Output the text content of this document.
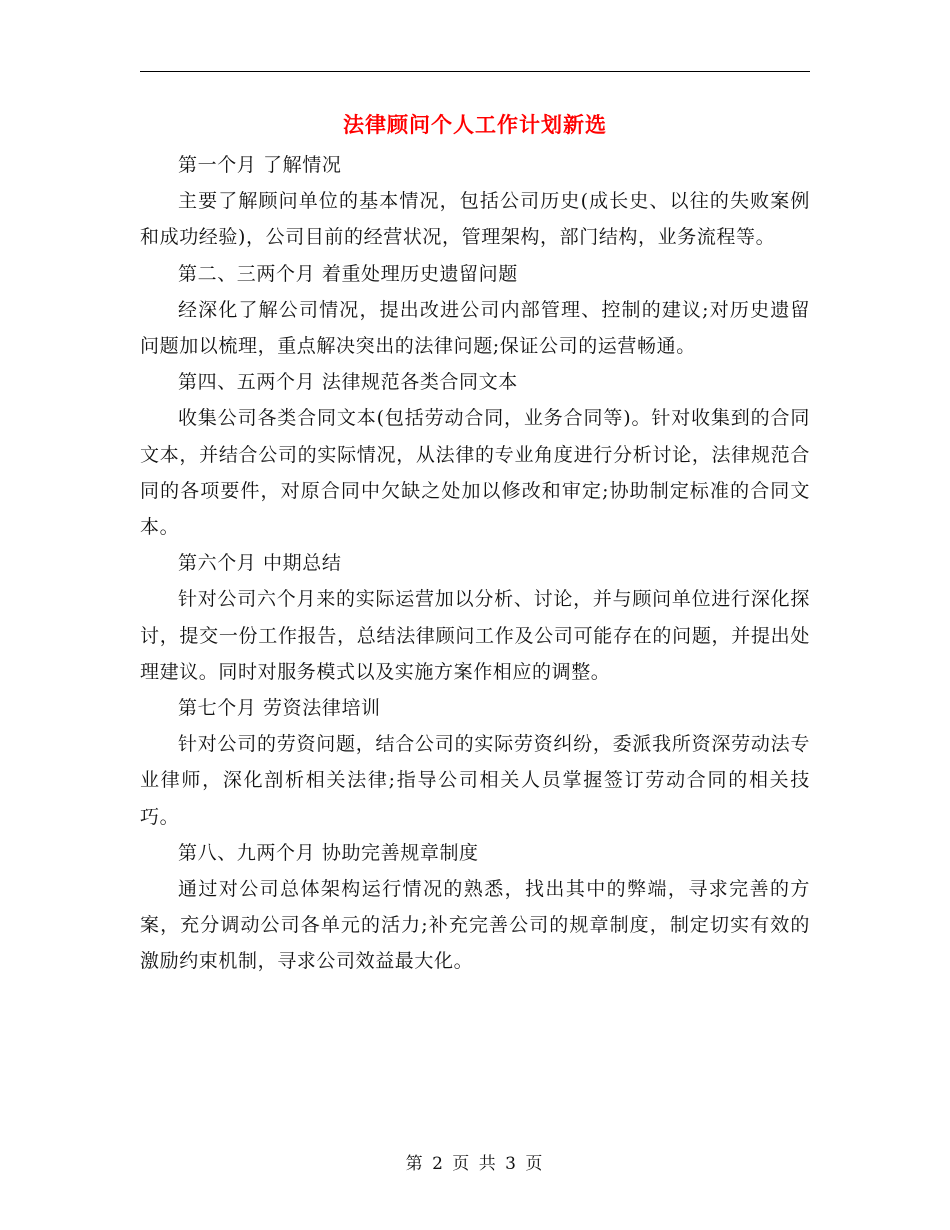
法律顾问个人工作计划新选

第一个月 了解情况

主要了解顾问单位的基本情况，包括公司历史(成长史、以往的失败案例和成功经验)，公司目前的经营状况，管理架构，部门结构，业务流程等。

第二、三两个月 着重处理历史遗留问题

经深化了解公司情况，提出改进公司内部管理、控制的建议;对历史遗留问题加以梳理，重点解决突出的法律问题;保证公司的运营畅通。

第四、五两个月 法律规范各类合同文本

收集公司各类合同文本(包括劳动合同，业务合同等)。针对收集到的合同文本，并结合公司的实际情况，从法律的专业角度进行分析讨论，法律规范合同的各项要件，对原合同中欠缺之处加以修改和审定;协助制定标准的合同文本。

第六个月 中期总结

针对公司六个月来的实际运营加以分析、讨论，并与顾问单位进行深化探讨，提交一份工作报告，总结法律顾问工作及公司可能存在的问题，并提出处理建议。同时对服务模式以及实施方案作相应的调整。

第七个月 劳资法律培训

针对公司的劳资问题，结合公司的实际劳资纠纷，委派我所资深劳动法专业律师，深化剖析相关法律;指导公司相关人员掌握签订劳动合同的相关技巧。

第八、九两个月 协助完善规章制度

通过对公司总体架构运行情况的熟悉，找出其中的弊端，寻求完善的方案，充分调动公司各单元的活力;补充完善公司的规章制度，制定切实有效的激励约束机制，寻求公司效益最大化。

第 2 页 共 3 页
